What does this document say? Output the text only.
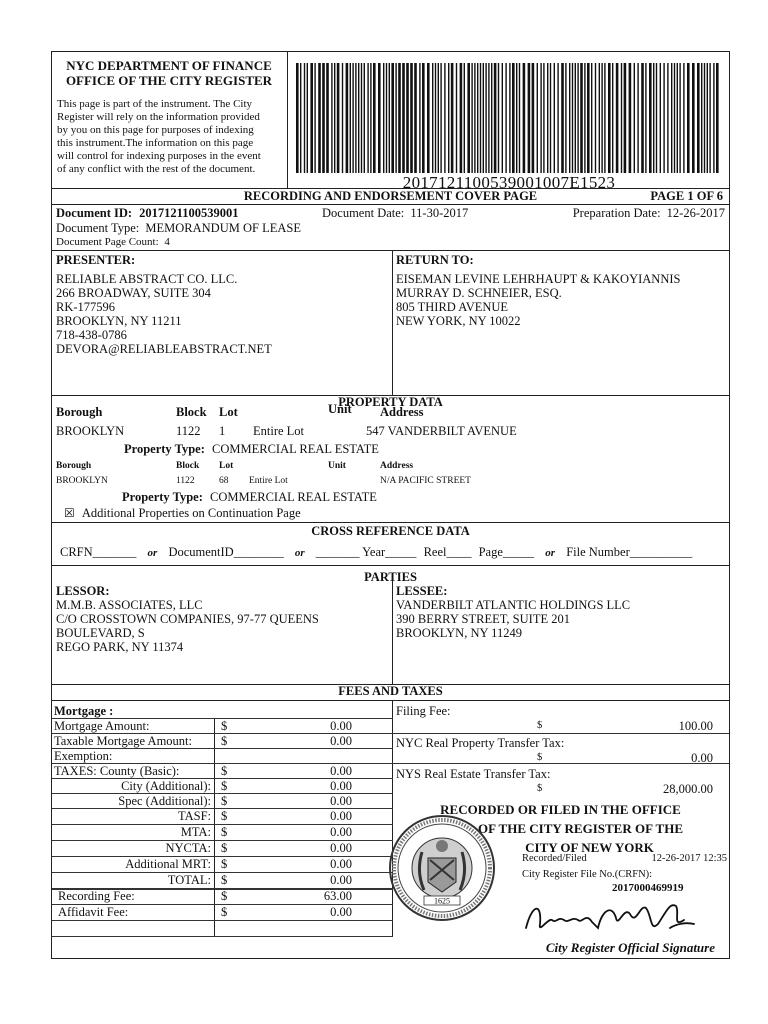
NYC DEPARTMENT OF FINANCE
OFFICE OF THE CITY REGISTER
This page is part of the instrument. The City
Register will rely on the information provided
by you on this page for purposes of indexing
this instrument.The information on this page
will control for indexing purposes in the event
of any conflict with the rest of the document.
2017121100539001007E1523
RECORDING AND ENDORSEMENT COVER PAGE	PAGE 1 OF 6
Document ID: 2017121100539001	Document Date: 11-30-2017	Preparation Date: 12-26-2017
Document Type: MEMORANDUM OF LEASE
Document Page Count: 4
PRESENTER:
RELIABLE ABSTRACT CO. LLC.
266 BROADWAY, SUITE 304
RK-177596
BROOKLYN, NY 11211
718-438-0786
DEVORA@RELIABLEABSTRACT.NET
RETURN TO:
EISEMAN LEVINE LEHRHAUPT & KAKOYIANNIS
MURRAY D. SCHNEIER, ESQ.
805 THIRD AVENUE
NEW YORK, NY 10022
PROPERTY DATA
Borough	Block Lot	Unit Address
BROOKLYN	1122 1 Entire Lot	547 VANDERBILT AVENUE
Property Type: COMMERCIAL REAL ESTATE
Borough	Block Lot	Unit	Address
BROOKLYN	1122	68 Entire Lot	N/A PACIFIC STREET
Property Type: COMMERCIAL REAL ESTATE
☒ Additional Properties on Continuation Page
CROSS REFERENCE DATA
CRFN_______ or DocumentID________ or _______ Year_____ Reel____ Page_____ or File Number__________
PARTIES
LESSOR:
M.M.B. ASSOCIATES, LLC
C/O CROSSTOWN COMPANIES, 97-77 QUEENS
BOULEVARD, S
REGO PARK, NY 11374
LESSEE:
VANDERBILT ATLANTIC HOLDINGS LLC
390 BERRY STREET, SUITE 201
BROOKLYN, NY 11249
FEES AND TAXES
Mortgage :
Mortgage Amount:	$	0.00
Taxable Mortgage Amount: $	0.00
Exemption:
TAXES: County (Basic):	$	0.00
City (Additional): $	0.00
Spec (Additional): $	0.00
TASF: $	0.00
MTA: $	0.00
NYCTA: $	0.00
Additional MRT: $	0.00
TOTAL: $	0.00
Recording Fee:	$	63.00
Affidavit Fee:	$	0.00
Filing Fee:
$	100.00
NYC Real Property Transfer Tax:
$	0.00
NYS Real Estate Transfer Tax:
$	28,000.00
RECORDED OR FILED IN THE OFFICE
OF THE CITY REGISTER OF THE
CITY OF NEW YORK
1625
Recorded/Filed	12-26-2017 12:35
City Register File No.(CRFN):
2017000469919
City Register Official Signature
